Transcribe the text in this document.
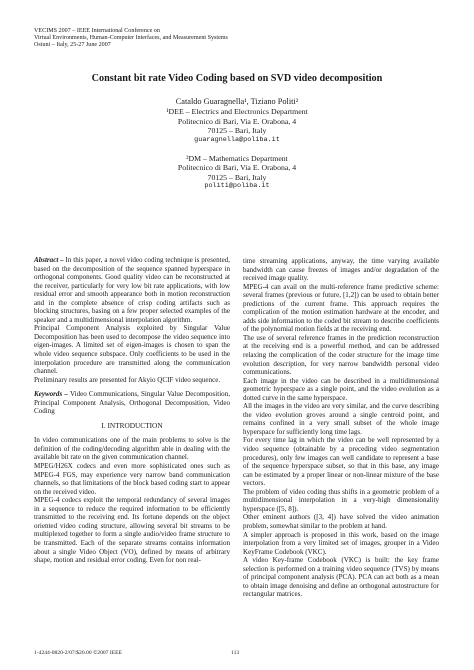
VECIMS 2007 – IEEE International Conference on
Virtual Environments, Human-Computer Interfaces, and Measurement Systems
Ostuni – Italy, 25-27 June 2007
Constant bit rate Video Coding based on SVD video decomposition
Cataldo Guaragnella¹, Tiziano Politi²
¹DEE – Electrics and Electronics Department
Politecnico di Bari, Via E. Orabona, 4
70125 – Bari, Italy
guaragnella@poliba.it
²DM – Mathematics Department
Politecnico di Bari, Via E. Orabona, 4
70125 – Bari, Italy
politi@poliba.it

Abstract – In this paper, a novel video coding technique is presented, based on the decomposition of the sequence spanned hyperspace in orthogonal components. Good quality video can be reconstructed at the receiver, particularly for very low bit rate applications, with low residual error and smooth appearance both in motion reconstruction and in the complete absence of crisp coding artifacts such as blocking structures, basing on a few proper selected examples of the speaker and a multidimensional interpolation algorithm.

Principal Component Analysis exploited by Singular Value Decomposition has been used to decompose the video sequence into eigen-images. A limited set of eigen-images is chosen to span the whole video sequence subspace. Only coefficients to be used in the interpolation procedure are transmitted along the communication channel.

Preliminary results are presented for Akyio QCIF video sequence.

Keywords – Video Communications, Singular Value Decomposition, Principal Component Analysis, Orthogonal Decomposition, Video Coding

I. INTRODUCTION

In video communications one of the main problems to solve is the definition of the coding/decoding algorithm able in dealing with the available bit rate on the given communication channel.

MPEG/H26X codecs and even more sophisticated ones such as MPEG-4 FGS, may experience very narrow band communication channels, so that limitations of the block based coding start to appear on the received video.

MPEG-4 codecs exploit the temporal redundancy of several images in a sequence to reduce the required information to be efficiently transmitted to the receiving end. Its fortune depends on the object oriented video coding structure, allowing several bit streams to be multiplexed together to form a single audio/video frame structure to be transmitted. Each of the separate streams contains information about a single Video Object (VO), defined by means of arbitrary shape, motion and residual error coding. Even for non real-

time streaming applications, anyway, the time varying available bandwidth can cause freezes of images and/or degradation of the received image quality.

MPEG-4 can avail on the multi-reference frame predictive scheme: several frames (previous or future, [1,2]) can be used to obtain better predictions of the current frame. This approach requires the complication of the motion estimation hardware at the encoder, and adds side information to the coded bit stream to describe coefficients of the polynomial motion fields at the receiving end.

The use of several reference frames in the prediction reconstruction at the receiving end is a powerful method, and can be addressed relaxing the complication of the coder structure for the image time evolution description, for very narrow bandwidth personal video communications.

Each image in the video can be described in a multidimensional geometric hyperspace as a single point, and the video evolution as a dotted curve in the same hyperspace.

All the images in the video are very similar, and the curve describing the video evolution groves around a single centroid point, and remains confined in a very small subset of the whole image hyperspace for sufficiently long time lags.

For every time lag in which the video can be well represented by a video sequence (obtainable by a preceding video segmentation procedures), only few images can well candidate to represent a base of the sequence hyperspace subset, so that in this base, any image can be estimated by a proper linear or non-linear mixture of the base vectors.

The problem of video coding thus shifts in a geometric problem of a multidimensional interpolation in a very-high dimensionality hyperspace ([5, 8]).

Other eminent authors ([3, 4]) have solved the video animation problem, somewhat similar to the problem at hand.

A simpler approach is proposed in this work, based on the image interpolation from a very limited set of images, grouper in a Video KeyFrame Codebook (VKC).

A video Key-frame Codebook (VKC) is built: the key frame selection is performed on a training video sequence (TVS) by means of principal component analysis (PCA). PCA can act both as a mean to obtain image denoising and define an orthogonal autostructure for rectangular matrices.

1-4244-0820-2/07/$20.00 ©2007 IEEE	113
